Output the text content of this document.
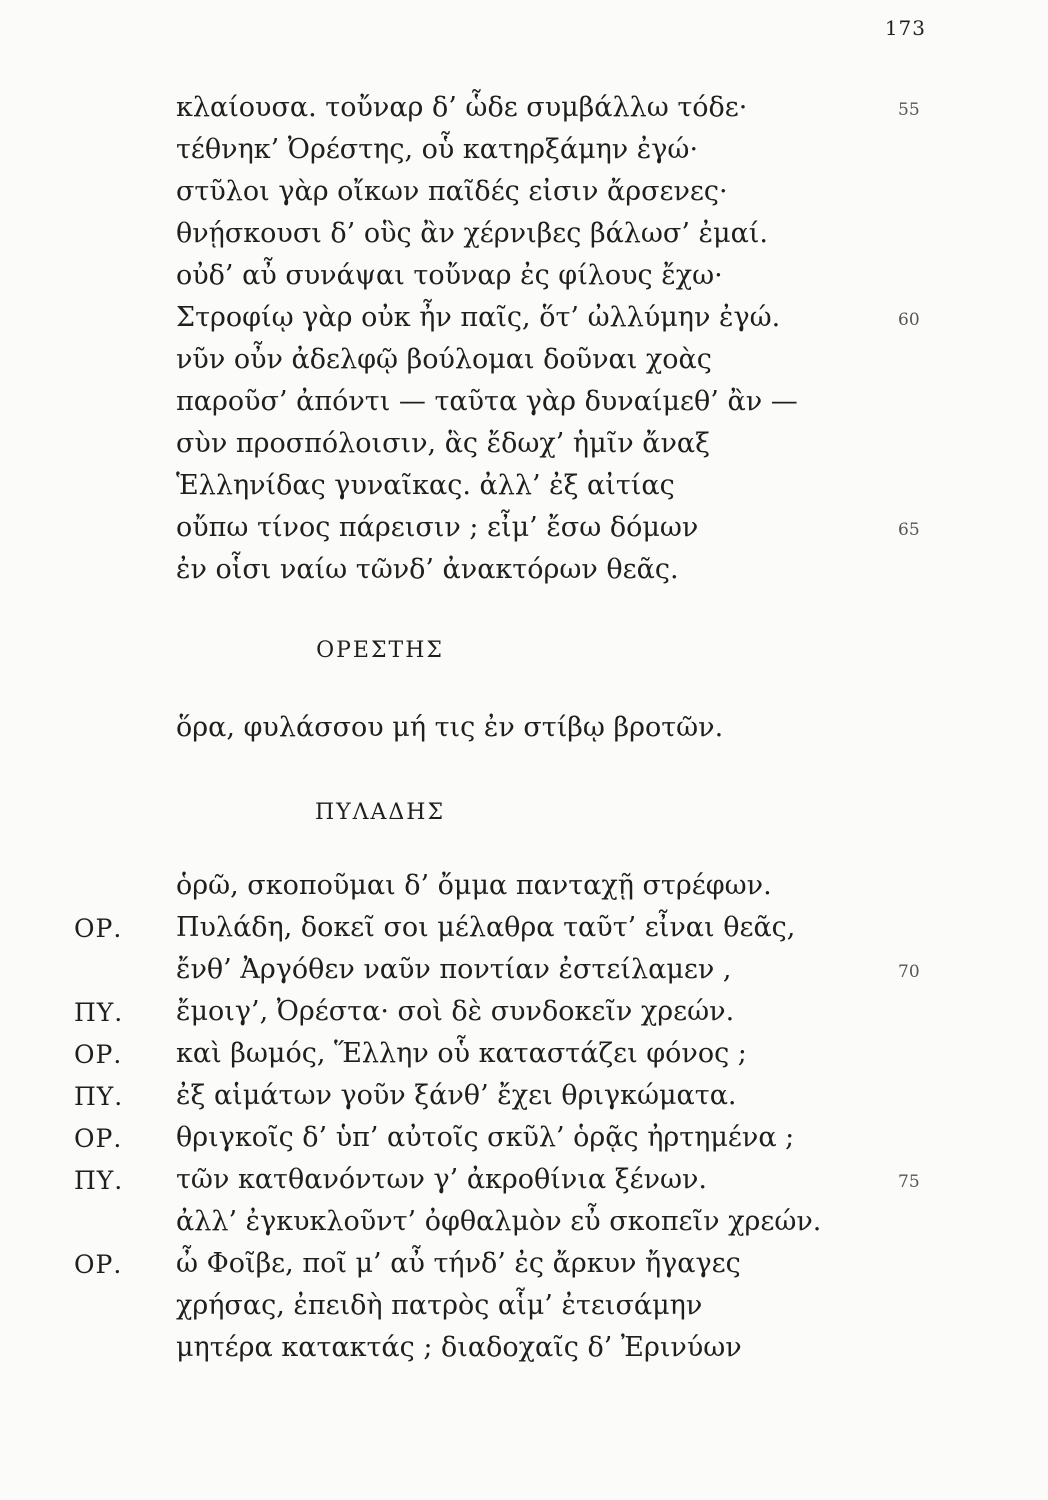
173
κλαίουσα. τοὔναρ δ’ ὧδε συμβάλλω τόδε·	55
τέθνηκ’ Ὀρέστης, οὗ κατηρξάμην ἐγώ·
στῦλοι γὰρ οἴκων παῖδές εἰσιν ἄρσενες·
θνῄσκουσι δ’ οὓς ἂν χέρνιβες βάλωσ’ ἐμαί.
οὐδ’ αὖ συνάψαι τοὔναρ ἐς φίλους ἔχω·
Στροφίῳ γὰρ οὐκ ἦν παῖς, ὅτ’ ὠλλύμην ἐγώ.	60
νῦν οὖν ἀδελφῷ βούλομαι δοῦναι χοὰς
παροῦσ’ ἀπόντι — ταῦτα γὰρ δυναίμεθ’ ἂν —
σὺν προσπόλοισιν, ἃς ἔδωχ’ ἡμῖν ἄναξ
Ἑλληνίδας γυναῖκας. ἀλλ’ ἐξ αἰτίας
οὔπω τίνος πάρεισιν ; εἶμ’ ἔσω δόμων	65
ἐν οἷσι ναίω τῶνδ’ ἀνακτόρων θεᾶς.
ΟΡΕΣΤΗΣ
ὅρα, φυλάσσου μή τις ἐν στίβῳ βροτῶν.
ΠΥΛΑΔΗΣ
ὁρῶ, σκοποῦμαι δ’ ὄμμα πανταχῇ στρέφων.
ΟΡ. Πυλάδη, δοκεῖ σοι μέλαθρα ταῦτ’ εἶναι θεᾶς,
ἔνθ’ Ἀργόθεν ναῦν ποντίαν ἐστείλαμεν ,	70
ΠΥ. ἔμοιγ’, Ὀρέστα· σοὶ δὲ συνδοκεῖν χρεών.
ΟΡ. καὶ βωμός, Ἕλλην οὗ καταστάζει φόνος ;
ΠΥ. ἐξ αἱμάτων γοῦν ξάνθ’ ἔχει θριγκώματα.
ΟΡ. θριγκοῖς δ’ ὑπ’ αὐτοῖς σκῦλ’ ὁρᾷς ἠρτημένα ;
ΠΥ. τῶν κατθανόντων γ’ ἀκροθίνια ξένων.	75
ἀλλ’ ἐγκυκλοῦντ’ ὀφθαλμὸν εὖ σκοπεῖν χρεών.
ΟΡ. ὦ Φοῖβε, ποῖ μ’ αὖ τήνδ’ ἐς ἄρκυν ἤγαγες
χρήσας, ἐπειδὴ πατρὸς αἷμ’ ἐτεισάμην
μητέρα κατακτάς ; διαδοχαῖς δ’ Ἐρινύων
